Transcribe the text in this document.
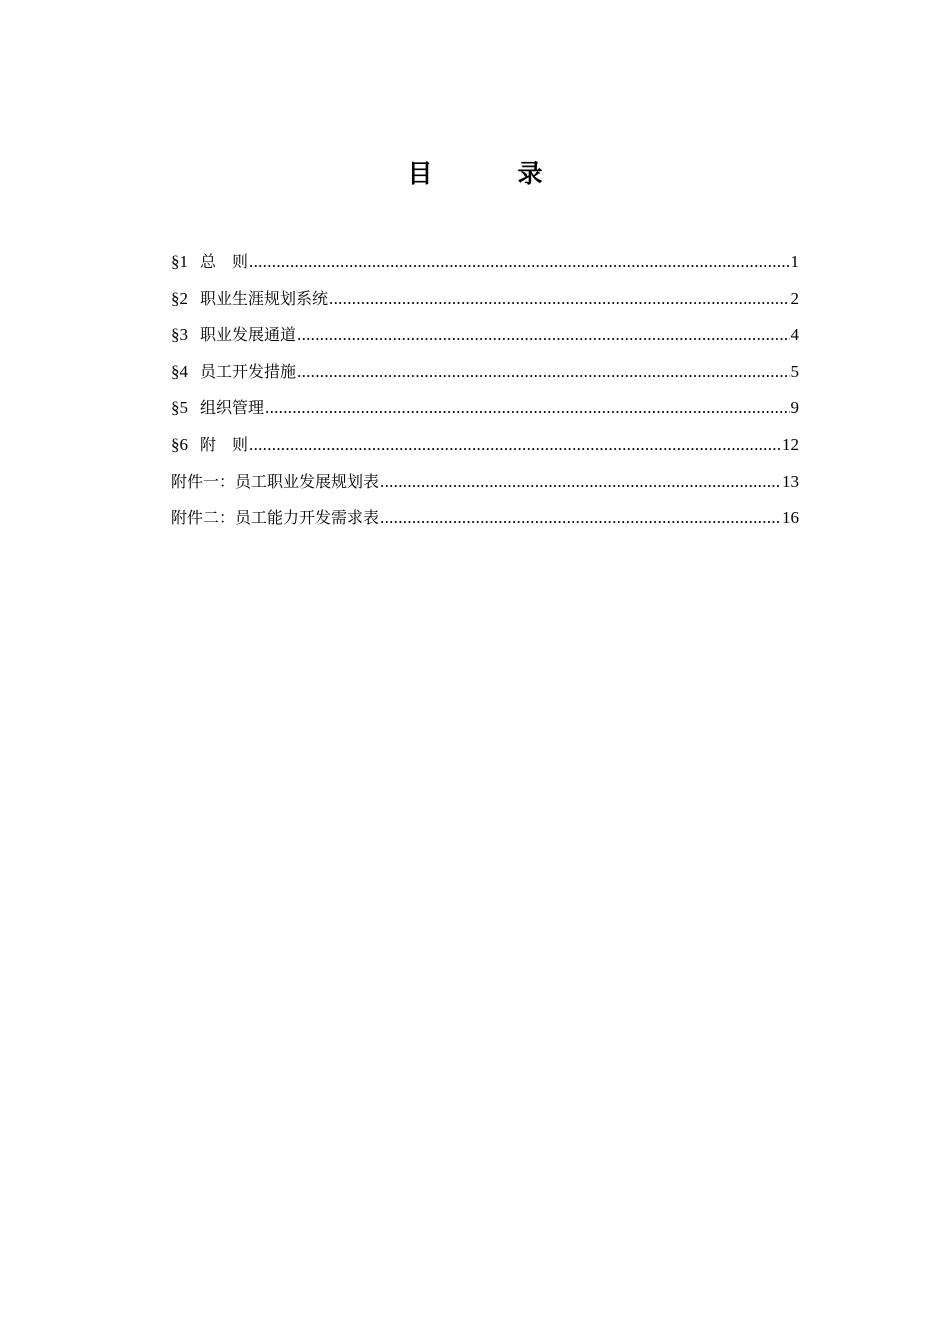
目　录
§1 总　则 .....	1
§2 职业生涯规划系统 .....	2
§3 职业发展通道 .....	4
§4 员工开发措施 .....	5
§5 组织管理 .....	9
§6 附　则 .....	12
附件一：员工职业发展规划表 .....	13
附件二：员工能力开发需求表 .....	16
